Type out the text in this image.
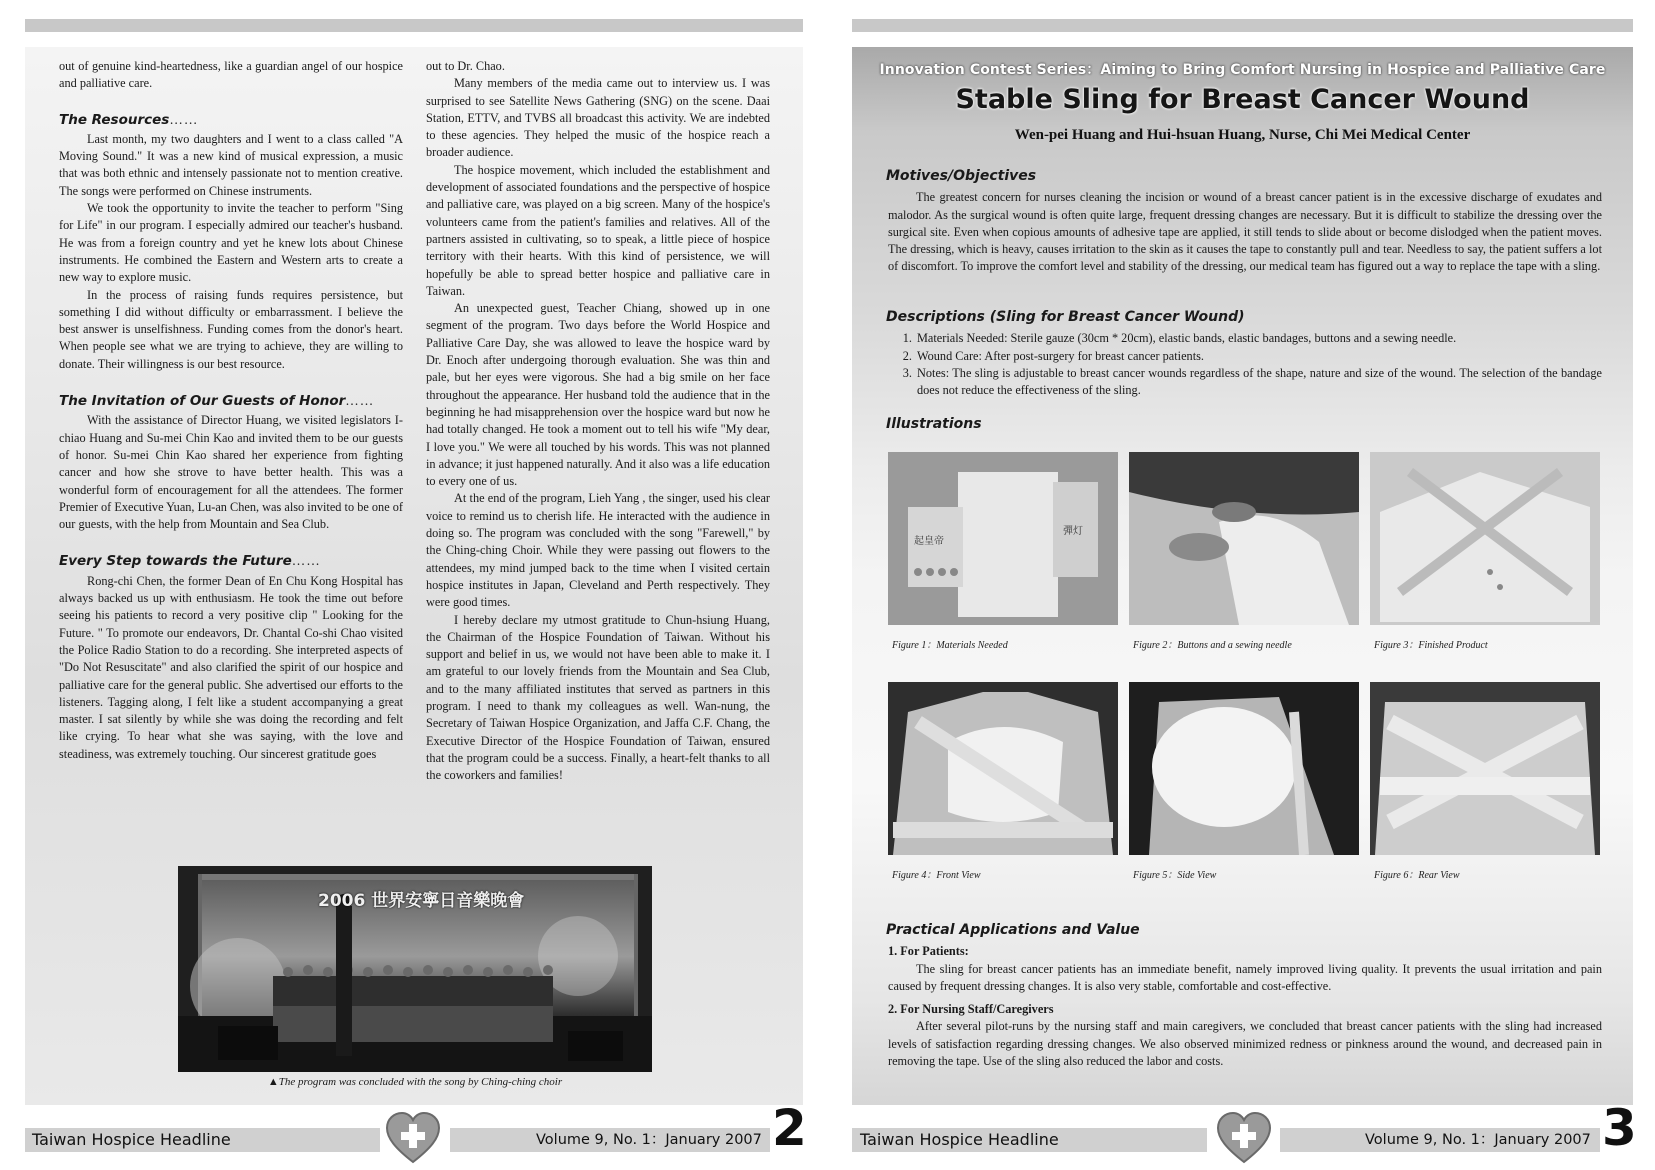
out of genuine kind-heartedness, like a guardian angel of our hospice and palliative care.

The Resources……

Last month, my two daughters and I went to a class called "A Moving Sound." It was a new kind of musical expression, a music that was both ethnic and intensely passionate not to mention creative. The songs were performed on Chinese instruments.

We took the opportunity to invite the teacher to perform "Sing for Life" in our program. I especially admired our teacher's husband. He was from a foreign country and yet he knew lots about Chinese instruments. He combined the Eastern and Western arts to create a new way to explore music.

In the process of raising funds requires persistence, but something I did without difficulty or embarrassment. I believe the best answer is unselfishness. Funding comes from the donor's heart. When people see what we are trying to achieve, they are willing to donate. Their willingness is our best resource.

The Invitation of Our Guests of Honor……

With the assistance of Director Huang, we visited legislators I-chiao Huang and Su-mei Chin Kao and invited them to be our guests of honor. Su-mei Chin Kao shared her experience from fighting cancer and how she strove to have better health. This was a wonderful form of encouragement for all the attendees. The former Premier of Executive Yuan, Lu-an Chen, was also invited to be one of our guests, with the help from Mountain and Sea Club.

Every Step towards the Future……

Rong-chi Chen, the former Dean of En Chu Kong Hospital has always backed us up with enthusiasm. He took the time out before seeing his patients to record a very positive clip " Looking for the Future. " To promote our endeavors, Dr. Chantal Co-shi Chao visited the Police Radio Station to do a recording. She interpreted aspects of "Do Not Resuscitate" and also clarified the spirit of our hospice and palliative care for the general public. She advertised our efforts to the listeners. Tagging along, I felt like a student accompanying a great master. I sat silently by while she was doing the recording and felt like crying. To hear what she was saying, with the love and steadiness, was extremely touching. Our sincerest gratitude goes

out to Dr. Chao.

Many members of the media came out to interview us. I was surprised to see Satellite News Gathering (SNG) on the scene. Daai Station, ETTV, and TVBS all broadcast this activity. We are indebted to these agencies. They helped the music of the hospice reach a broader audience.

The hospice movement, which included the establishment and development of associated foundations and the perspective of hospice and palliative care, was played on a big screen. Many of the hospice's volunteers came from the patient's families and relatives. All of the partners assisted in cultivating, so to speak, a little piece of hospice territory with their hearts. With this kind of persistence, we will hopefully be able to spread better hospice and palliative care in Taiwan.

An unexpected guest, Teacher Chiang, showed up in one segment of the program. Two days before the World Hospice and Palliative Care Day, she was allowed to leave the hospice ward by Dr. Enoch after undergoing thorough evaluation. She was thin and pale, but her eyes were vigorous. She had a big smile on her face throughout the appearance. Her husband told the audience that in the beginning he had misapprehension over the hospice ward but now he had totally changed. He took a moment out to tell his wife "My dear, I love you." We were all touched by his words. This was not planned in advance; it just happened naturally. And it also was a life education to every one of us.

At the end of the program, Lieh Yang , the singer, used his clear voice to remind us to cherish life. He interacted with the audience in doing so. The program was concluded with the song "Farewell," by the Ching-ching Choir. While they were passing out flowers to the attendees, my mind jumped back to the time when I visited certain hospice institutes in Japan, Cleveland and Perth respectively. They were good times.

I hereby declare my utmost gratitude to Chun-hsiung Huang, the Chairman of the Hospice Foundation of Taiwan. Without his support and belief in us, we would not have been able to make it. I am grateful to our lovely friends from the Mountain and Sea Club, and to the many affiliated institutes that served as partners in this program. I need to thank my colleagues as well. Wan-nung, the Secretary of Taiwan Hospice Organization, and Jaffa C.F. Chang, the Executive Director of the Hospice Foundation of Taiwan, ensured that the program could be a success. Finally, a heart-felt thanks to all the coworkers and families!

2006 世界安寧日音樂晚會
▲The program was concluded with the song by Ching-ching choir
Taiwan Hospice Headline	Volume 9, No. 1：January 2007 2
Innovation Contest Series：Aiming to Bring Comfort Nursing in Hospice and Palliative Care
Stable Sling for Breast Cancer Wound
Wen-pei Huang and Hui-hsuan Huang, Nurse, Chi Mei Medical Center
Motives/Objectives

The greatest concern for nurses cleaning the incision or wound of a breast cancer patient is in the excessive discharge of exudates and malodor. As the surgical wound is often quite large, frequent dressing changes are necessary. But it is difficult to stabilize the dressing over the surgical site. Even when copious amounts of adhesive tape are applied, it still tends to slide about or become dislodged when the patient moves. The dressing, which is heavy, causes irritation to the skin as it causes the tape to constantly pull and tear. Needless to say, the patient suffers a lot of discomfort. To improve the comfort level and stability of the dressing, our medical team has figured out a way to replace the tape with a sling.

Descriptions (Sling for Breast Cancer Wound)
1. Materials Needed: Sterile gauze (30cm * 20cm), elastic bands, elastic bandages, buttons and a sewing needle.
2. Wound Care: After post-surgery for breast cancer patients.
3. Notes: The sling is adjustable to breast cancer wounds regardless of the shape, nature and size of the wound. The selection of the bandage does not reduce the effectiveness of the sling.
Illustrations
起皇帝
彈灯
Figure 1：Materials Needed	Figure 2：Buttons and a sewing needle	Figure 3：Finished Product
Figure 4：Front View	Figure 5：Side View	Figure 6：Rear View
Practical Applications and Value

1. For Patients:

The sling for breast cancer patients has an immediate benefit, namely improved living quality. It prevents the usual irritation and pain caused by frequent dressing changes. It is also very stable, comfortable and cost-effective.

2. For Nursing Staff/Caregivers

After several pilot-runs by the nursing staff and main caregivers, we concluded that breast cancer patients with the sling had increased levels of satisfaction regarding dressing changes. We also observed minimized redness or pinkness around the wound, and decreased pain in removing the tape. Use of the sling also reduced the labor and costs.

Taiwan Hospice Headline	Volume 9, No. 1：January 2007 3
